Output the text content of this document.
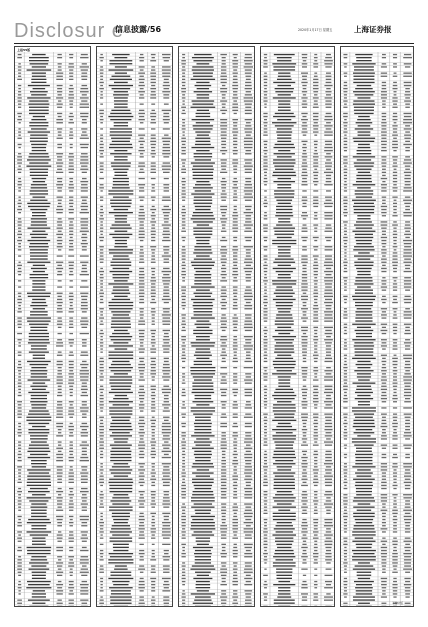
Disclosur e
信息披露/56	2020年1月17日 星期五	上海证券报
上接55版
下转57版
